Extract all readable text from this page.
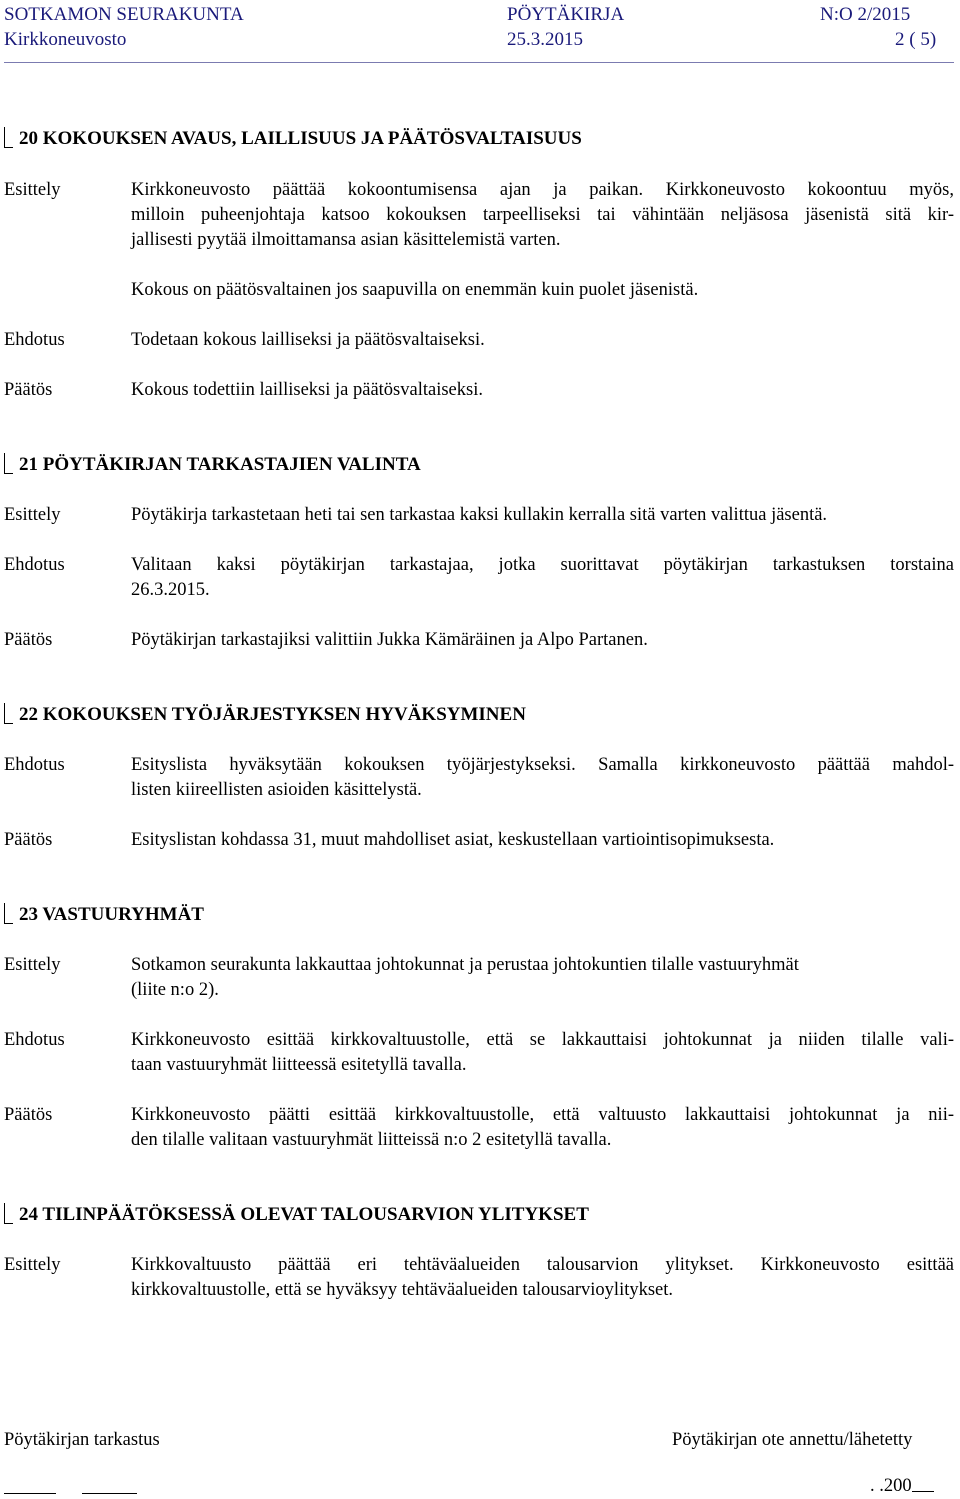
SOTKAMON SEURAKUNTA	PÖYTÄKIRJA	N:O 2/2015
Kirkkoneuvosto	25.3.2015	2 ( 5)
20 KOKOUKSEN AVAUS, LAILLISUUS JA PÄÄTÖSVALTAISUUS
Esittely	Kirkkoneuvosto päättää kokoontumisensa ajan ja paikan. Kirkkoneuvosto kokoontuu myös,
milloin puheenjohtaja katsoo kokouksen tarpeelliseksi tai vähintään neljäsosa jäsenistä sitä kir-
jallisesti pyytää ilmoittamansa asian käsittelemistä varten.
Kokous on päätösvaltainen jos saapuvilla on enemmän kuin puolet jäsenistä.
Ehdotus	Todetaan kokous lailliseksi ja päätösvaltaiseksi.
Päätös	Kokous todettiin lailliseksi ja päätösvaltaiseksi.
21 PÖYTÄKIRJAN TARKASTAJIEN VALINTA
Esittely	Pöytäkirja tarkastetaan heti tai sen tarkastaa kaksi kullakin kerralla sitä varten valittua jäsentä.
Ehdotus	Valitaan kaksi pöytäkirjan tarkastajaa, jotka suorittavat pöytäkirjan tarkastuksen torstaina
26.3.2015.
Päätös	Pöytäkirjan tarkastajiksi valittiin Jukka Kämäräinen ja Alpo Partanen.
22 KOKOUKSEN TYÖJÄRJESTYKSEN HYVÄKSYMINEN
Ehdotus	Esityslista hyväksytään kokouksen työjärjestykseksi. Samalla kirkkoneuvosto päättää mahdol-
listen kiireellisten asioiden käsittelystä.
Päätös	Esityslistan kohdassa 31, muut mahdolliset asiat, keskustellaan vartiointisopimuksesta.
23 VASTUURYHMÄT
Esittely	Sotkamon seurakunta lakkauttaa johtokunnat ja perustaa johtokuntien tilalle vastuuryhmät
(liite n:o 2).
Ehdotus	Kirkkoneuvosto esittää kirkkovaltuustolle, että se lakkauttaisi johtokunnat ja niiden tilalle vali-
taan vastuuryhmät liitteessä esitetyllä tavalla.
Päätös	Kirkkoneuvosto päätti esittää kirkkovaltuustolle, että valtuusto lakkauttaisi johtokunnat ja nii-
den tilalle valitaan vastuuryhmät liitteissä n:o 2 esitetyllä tavalla.
24 TILINPÄÄTÖKSESSÄ OLEVAT TALOUSARVION YLITYKSET
Esittely	Kirkkovaltuusto päättää eri tehtäväalueiden talousarvion ylitykset. Kirkkoneuvosto esittää
kirkkovaltuustolle, että se hyväksyy tehtäväalueiden talousarvioylitykset.
Pöytäkirjan tarkastus	Pöytäkirjan ote annettu/lähetetty
. .200
